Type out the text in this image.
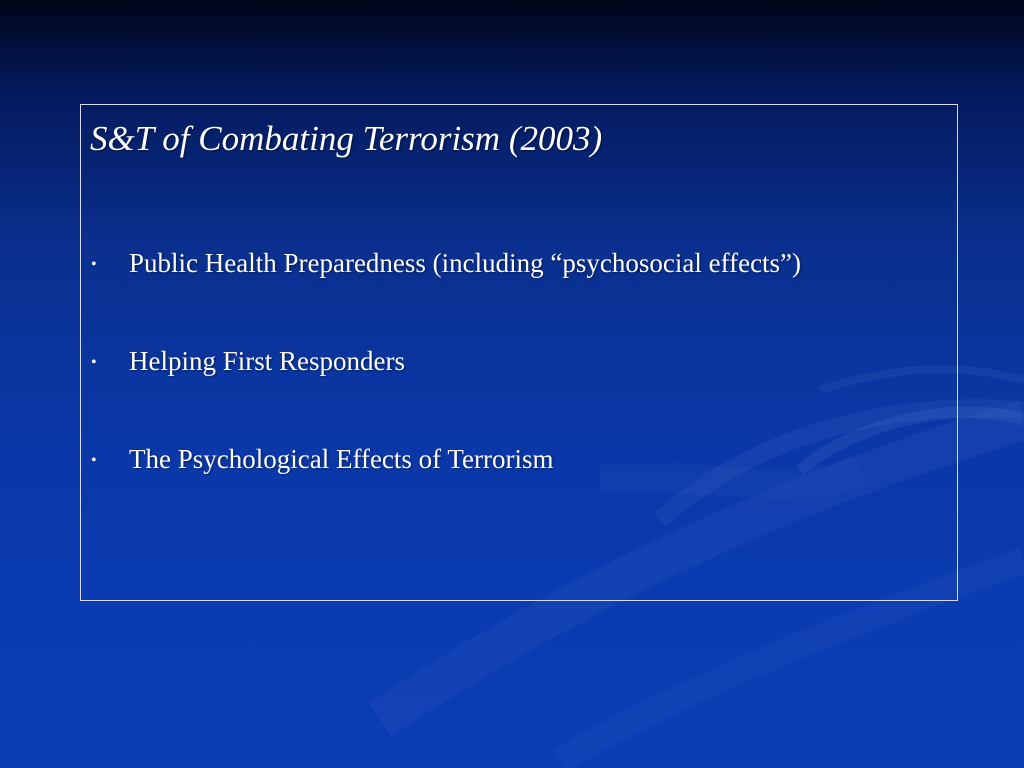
S&T of Combating Terrorism (2003)
• Public Health Preparedness (including “psychosocial effects”)
• Helping First Responders
• The Psychological Effects of Terrorism
